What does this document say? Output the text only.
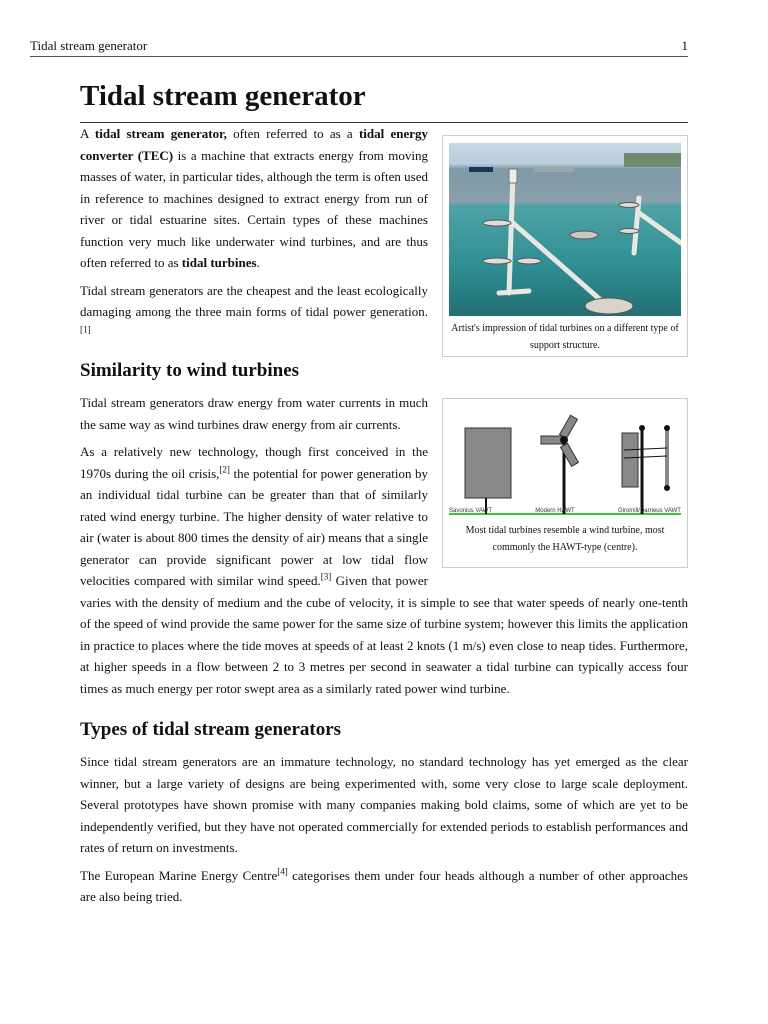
Tidal stream generator	1
Tidal stream generator
Artist's impression of tidal turbines on a different type of support structure.

A tidal stream generator, often referred to as a tidal energy converter (TEC) is a machine that extracts energy from moving masses of water, in particular tides, although the term is often used in reference to machines designed to extract energy from run of river or tidal estuarine sites. Certain types of these machines function very much like underwater wind turbines, and are thus often referred to as tidal turbines.

Tidal stream generators are the cheapest and the least ecologically damaging among the three main forms of tidal power generation.[1]

Similarity to wind turbines
Savonius VAWT	Modern HAWT	Giromill/Darrieus VAWT
Most tidal turbines resemble a wind turbine, most commonly the HAWT-type (centre).

Tidal stream generators draw energy from water currents in much the same way as wind turbines draw energy from air currents.

As a relatively new technology, though first conceived in the 1970s during the oil crisis,[2] the potential for power generation by an individual tidal turbine can be greater than that of similarly rated wind energy turbine. The higher density of water relative to air (water is about 800 times the density of air) means that a single generator can provide significant power at low tidal flow velocities compared with similar wind speed.[3] Given that power varies with the density of medium and the cube of velocity, it is simple to see that water speeds of nearly one-tenth of the speed of wind provide the same power for the same size of turbine system; however this limits the application in practice to places where the tide moves at speeds of at least 2 knots (1 m/s) even close to neap tides. Furthermore, at higher speeds in a flow between 2 to 3 metres per second in seawater a tidal turbine can typically access four times as much energy per rotor swept area as a similarly rated power wind turbine.

Types of tidal stream generators

Since tidal stream generators are an immature technology, no standard technology has yet emerged as the clear winner, but a large variety of designs are being experimented with, some very close to large scale deployment. Several prototypes have shown promise with many companies making bold claims, some of which are yet to be independently verified, but they have not operated commercially for extended periods to establish performances and rates of return on investments.

The European Marine Energy Centre[4] categorises them under four heads although a number of other approaches are also being tried.
